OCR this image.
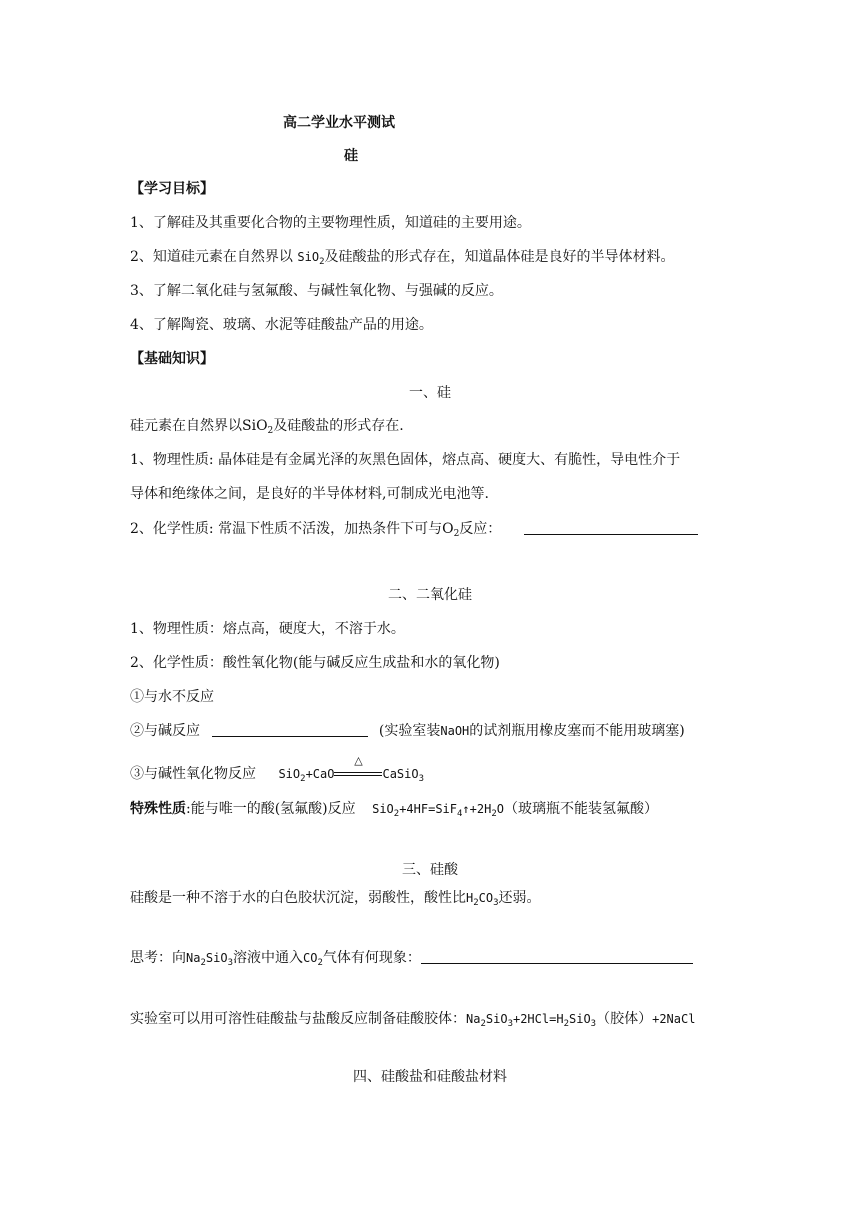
高二学业水平测试
硅
【学习目标】
1、了解硅及其重要化合物的主要物理性质，知道硅的主要用途。
2、知道硅元素在自然界以 SiO$_2$及硅酸盐的形式存在，知道晶体硅是良好的半导体材料。
3、了解二氧化硅与氢氟酸、与碱性氧化物、与强碱的反应。
4、了解陶瓷、玻璃、水泥等硅酸盐产品的用途。
【基础知识】
一、硅
硅元素在自然界以SiO$_2$及硅酸盐的形式存在.
1、物理性质: 晶体硅是有金属光泽的灰黑色固体，熔点高、硬度大、有脆性，导电性介于
导体和绝缘体之间，是良好的半导体材料,可制成光电池等.
2、化学性质: 常温下性质不活泼，加热条件下可与$O_2$反应：
二、二氧化硅
1、物理性质：熔点高，硬度大，不溶于水。
2、化学性质：酸性氧化物(能与碱反应生成盐和水的氧化物)
①与水不反应
②与碱反应	(实验室装NaOH的试剂瓶用橡皮塞而不能用玻璃塞)
③与碱性氧化物反应 SiO$_2$+CaO
△
CaSiO$_3$
特殊性质:能与唯一的酸(氢氟酸)反应 $SiO_2+4HF=SiF_4↑+2H_2O$（玻璃瓶不能装氢氟酸）
三、硅酸
硅酸是一种不溶于水的白色胶状沉淀，弱酸性，酸性比$H_2CO_3$还弱。
思考：向$Na_2SiO_3$溶液中通入$CO_2$气体有何现象：
实验室可以用可溶性硅酸盐与盐酸反应制备硅酸胶体：$Na_2SiO_3+2HCl=H_2SiO_3$（胶体）+2NaCl
四、硅酸盐和硅酸盐材料
